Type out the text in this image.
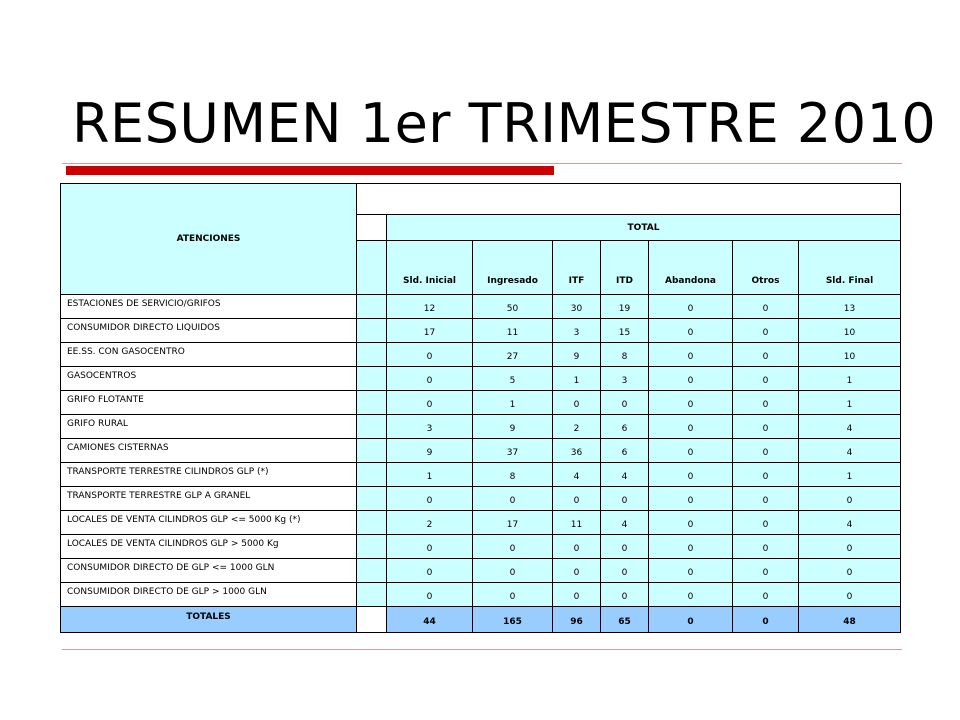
RESUMEN 1er TRIMESTRE 2010
ATENCIONES								
		TOTAL						
		Sld. Inicial	Ingresado	ITF	ITD	Abandona	Otros	Sld. Final
ESTACIONES DE SERVICIO/GRIFOS		12	50	30	19	0	0	13
CONSUMIDOR DIRECTO LIQUIDOS		17	11	3	15	0	0	10
EE.SS. CON GASOCENTRO		0	27	9	8	0	0	10
GASOCENTROS		0	5	1	3	0	0	1
GRIFO FLOTANTE		0	1	0	0	0	0	1
GRIFO RURAL		3	9	2	6	0	0	4
CAMIONES CISTERNAS		9	37	36	6	0	0	4
TRANSPORTE TERRESTRE CILINDROS GLP (*)		1	8	4	4	0	0	1
TRANSPORTE TERRESTRE GLP A GRANEL		0	0	0	0	0	0	0
LOCALES DE VENTA CILINDROS GLP <= 5000 Kg (*)		2	17	11	4	0	0	4
LOCALES DE VENTA CILINDROS GLP > 5000 Kg		0	0	0	0	0	0	0
CONSUMIDOR DIRECTO DE GLP <= 1000 GLN		0	0	0	0	0	0	0
CONSUMIDOR DIRECTO DE GLP > 1000 GLN		0	0	0	0	0	0	0
TOTALES		44	165	96	65	0	0	48
